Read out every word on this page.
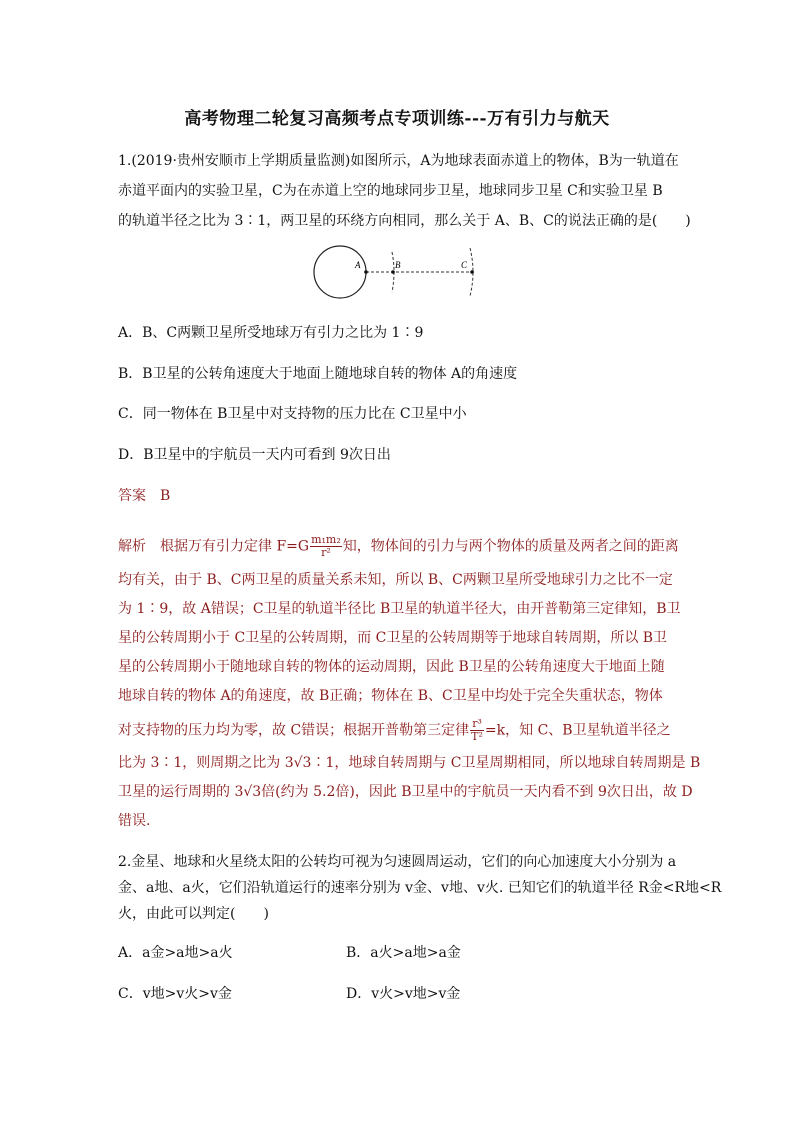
高考物理二轮复习高频考点专项训练---万有引力与航天
1.(2019·贵州安顺市上学期质量监测)如图所示，A为地球表面赤道上的物体，B为一轨道在
赤道平面内的实验卫星，C为在赤道上空的地球同步卫星，地球同步卫星 C和实验卫星 B
的轨道半径之比为 3∶1，两卫星的环绕方向相同，那么关于 A、B、C的说法正确的是(　　)
A	B	C
A．B、C两颗卫星所受地球万有引力之比为 1∶9
B．B卫星的公转角速度大于地面上随地球自转的物体 A的角速度
C．同一物体在 B卫星中对支持物的压力比在 C卫星中小
D．B卫星中的宇航员一天内可看到 9次日出
答案　B
解析　根据万有引力定律 $F=G \frac{\text{m₁m₂}}{\text{r²}}$ 知，物体间的引力与两个物体的质量及两者之间的距离
均有关，由于 B、C两卫星的质量关系未知，所以 B、C两颗卫星所受地球引力之比不一定
为 1∶9，故 A错误；C卫星的轨道半径比 B卫星的轨道半径大，由开普勒第三定律知，B卫
星的公转周期小于 C卫星的公转周期，而 C卫星的公转周期等于地球自转周期，所以 B卫
星的公转周期小于随地球自转的物体的运动周期，因此 B卫星的公转角速度大于地面上随
地球自转的物体 A的角速度，故 B正确；物体在 B、C卫星中均处于完全失重状态，物体
对支持物的压力均为零，故 C错误；根据开普勒第三定律 $\frac{\text{r³}}{\text{T²}} =k$，知 C、B卫星轨道半径之
比为 3∶1，则周期之比为 3√3∶1，地球自转周期与 C卫星周期相同，所以地球自转周期是 B
卫星的运行周期的 3√3倍(约为 5.2倍)，因此 B卫星中的宇航员一天内看不到 9次日出，故 D
错误.
2.金星、地球和火星绕太阳的公转均可视为匀速圆周运动，它们的向心加速度大小分别为 a
金、a地、a火，它们沿轨道运行的速率分别为 v金、v地、v火. 已知它们的轨道半径 R金<R地<R
火，由此可以判定(　　)
A．a金>a地>a火	B．a火>a地>a金
C．v地>v火>v金	D．v火>v地>v金
